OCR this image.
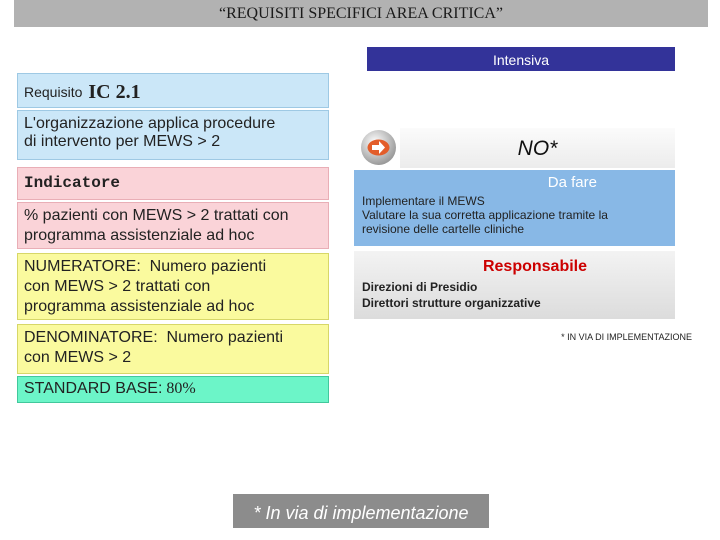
“REQUISITI SPECIFICI AREA CRITICA”
Intensiva
Requisito IC 2.1
L'organizzazione applica procedure
di intervento per MEWS > 2
Indicatore
% pazienti con MEWS > 2 trattati con
programma assistenziale ad hoc
NUMERATORE:  Numero pazienti
con MEWS > 2 trattati con
programma assistenziale ad hoc
DENOMINATORE:  Numero pazienti
con MEWS > 2
STANDARD BASE: 80%
NO*
Da fare
Implementare il MEWS
Valutare la sua corretta applicazione tramite la
revisione delle cartelle cliniche
Responsabile
Direzioni di Presidio
Direttori strutture organizzative
* IN VIA DI IMPLEMENTAZIONE
* In via di implementazione
